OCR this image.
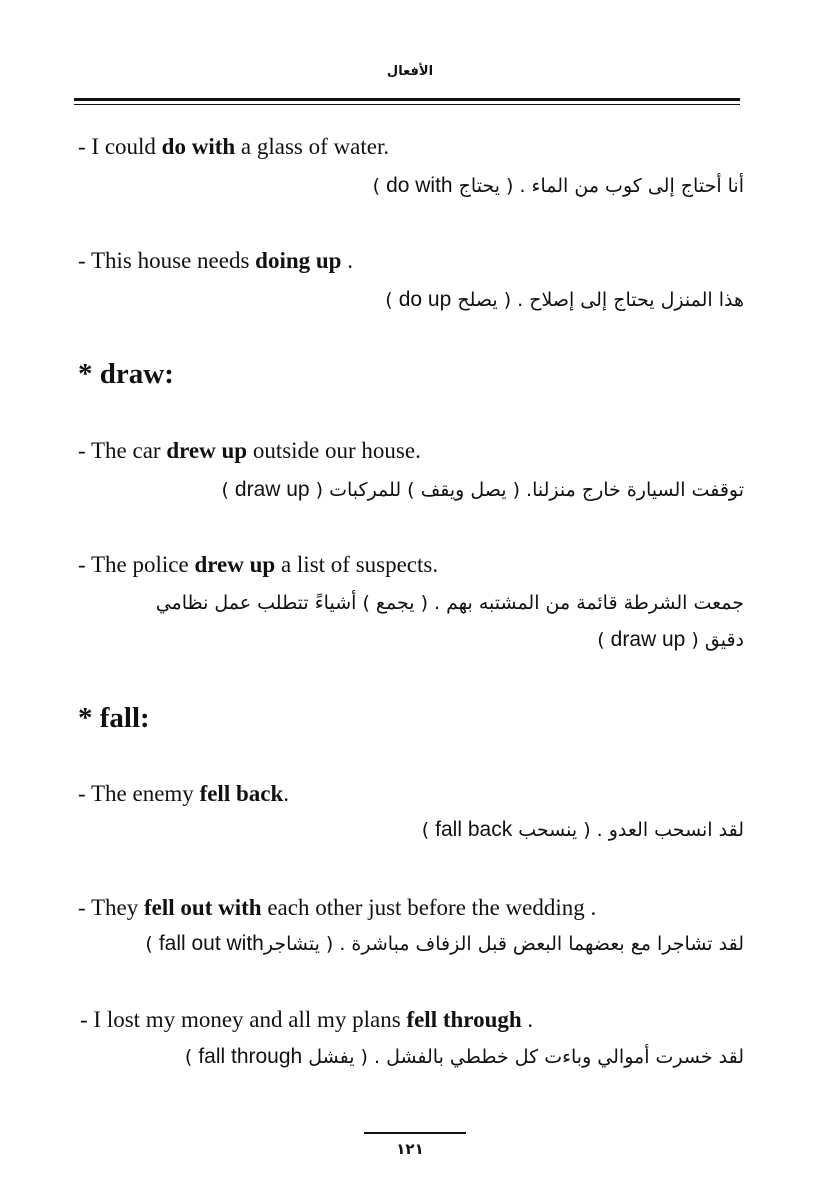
الأفعال
- I could do with a glass of water.
أنا أحتاج إلى كوب من الماء . ( يحتاج do with )
- This house needs doing up .
هذا المنزل يحتاج إلى إصلاح . ( يصلح do up )
* draw:
- The car drew up outside our house.
توقفت السيارة خارج منزلنا. ( يصل ويقف ) للمركبات ( draw up )
- The police drew up a list of suspects.
جمعت الشرطة قائمة من المشتبه بهم . ( يجمع ) أشياءً تتطلب عمل نظامي
دقيق ( draw up )
* fall:
- The enemy fell back.
لقد انسحب العدو . ( ينسحب fall back )
- They fell out with each other just before the wedding .
لقد تشاجرا مع بعضهما البعض قبل الزفاف مباشرة . ( يتشاجرfall out with )
- I lost my money and all my plans fell through .
لقد خسرت أموالي وباءت كل خططي بالفشل . ( يفشل fall through )
١٢١
